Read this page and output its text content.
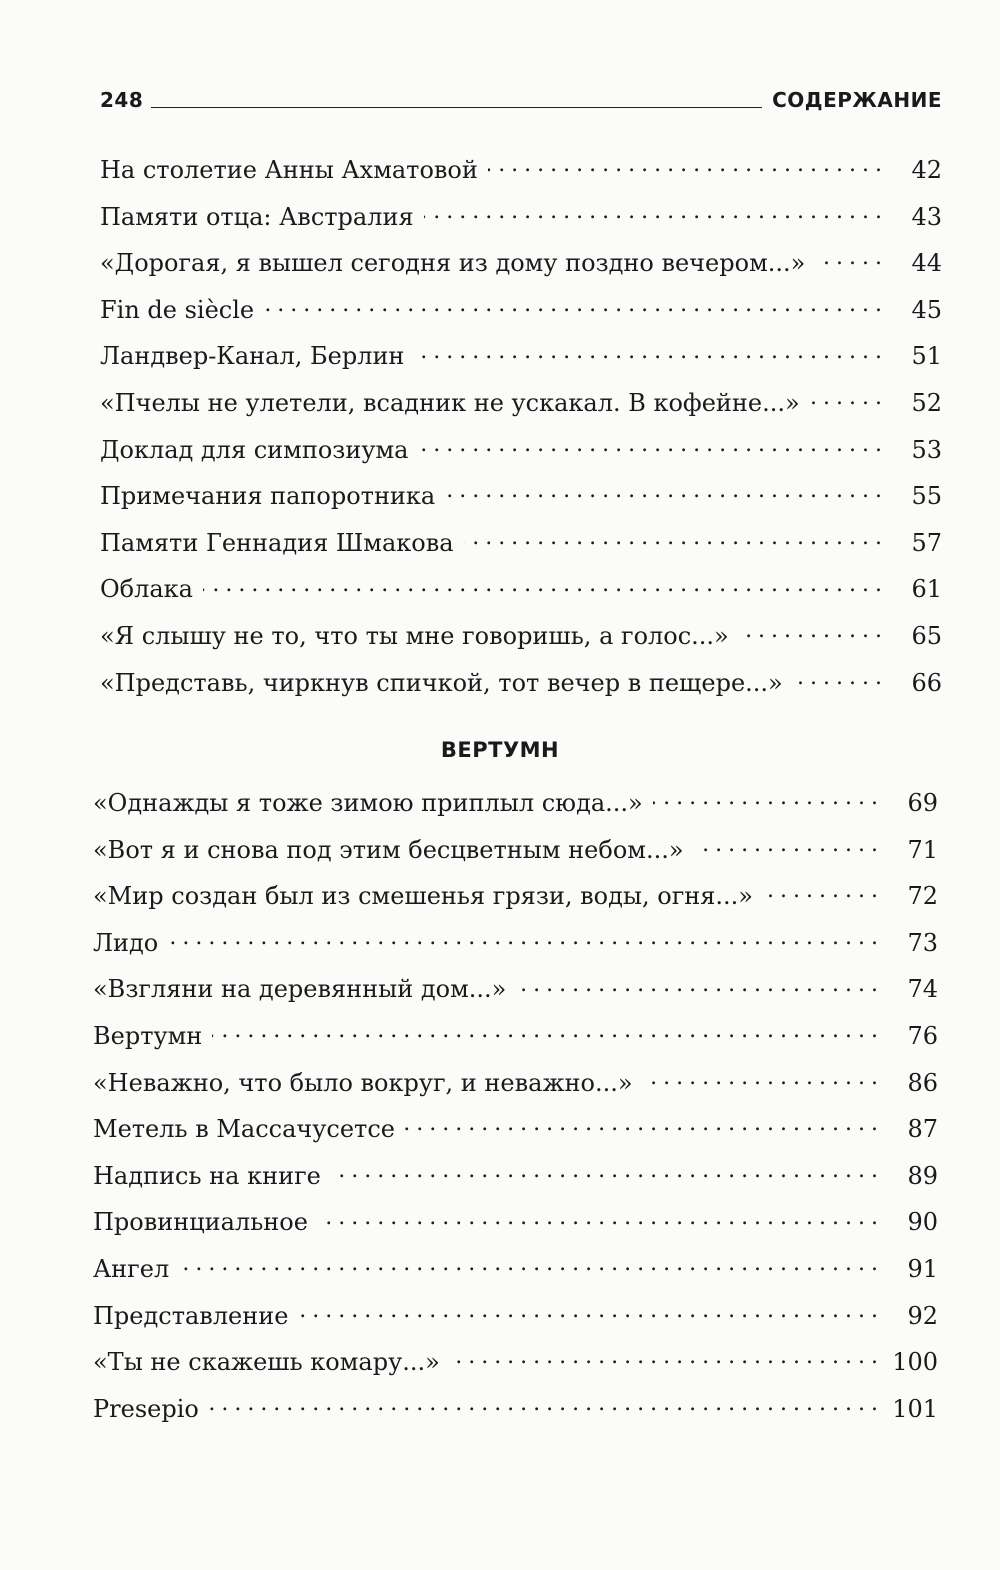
248	СОДЕРЖАНИЕ
На столетие Анны Ахматовой .....	42
Памяти отца: Австралия .....	43
«Дорогая, я вышел сегодня из дому поздно вечером...» .....	44
Fin de siècle .....	45
Ландвер-Канал, Берлин .....	51
«Пчелы не улетели, всадник не ускакал. В кофейне...» .....	52
Доклад для симпозиума .....	53
Примечания папоротника .....	55
Памяти Геннадия Шмакова .....	57
Облака .....	61
«Я слышу не то, что ты мне говоришь, а голос...» .....	65
«Представь, чиркнув спичкой, тот вечер в пещере...» .....	66
ВЕРТУМН
«Однажды я тоже зимою приплыл сюда...» .....	69
«Вот я и снова под этим бесцветным небом...» .....	71
«Мир создан был из смешенья грязи, воды, огня...» .....	72
Лидо .....	73
«Взгляни на деревянный дом...» .....	74
Вертумн .....	76
«Неважно, что было вокруг, и неважно...» .....	86
Метель в Массачусетсе .....	87
Надпись на книге .....	89
Провинциальное .....	90
Ангел .....	91
Представление .....	92
«Ты не скажешь комару...» .....	100
Presepio .....	101
